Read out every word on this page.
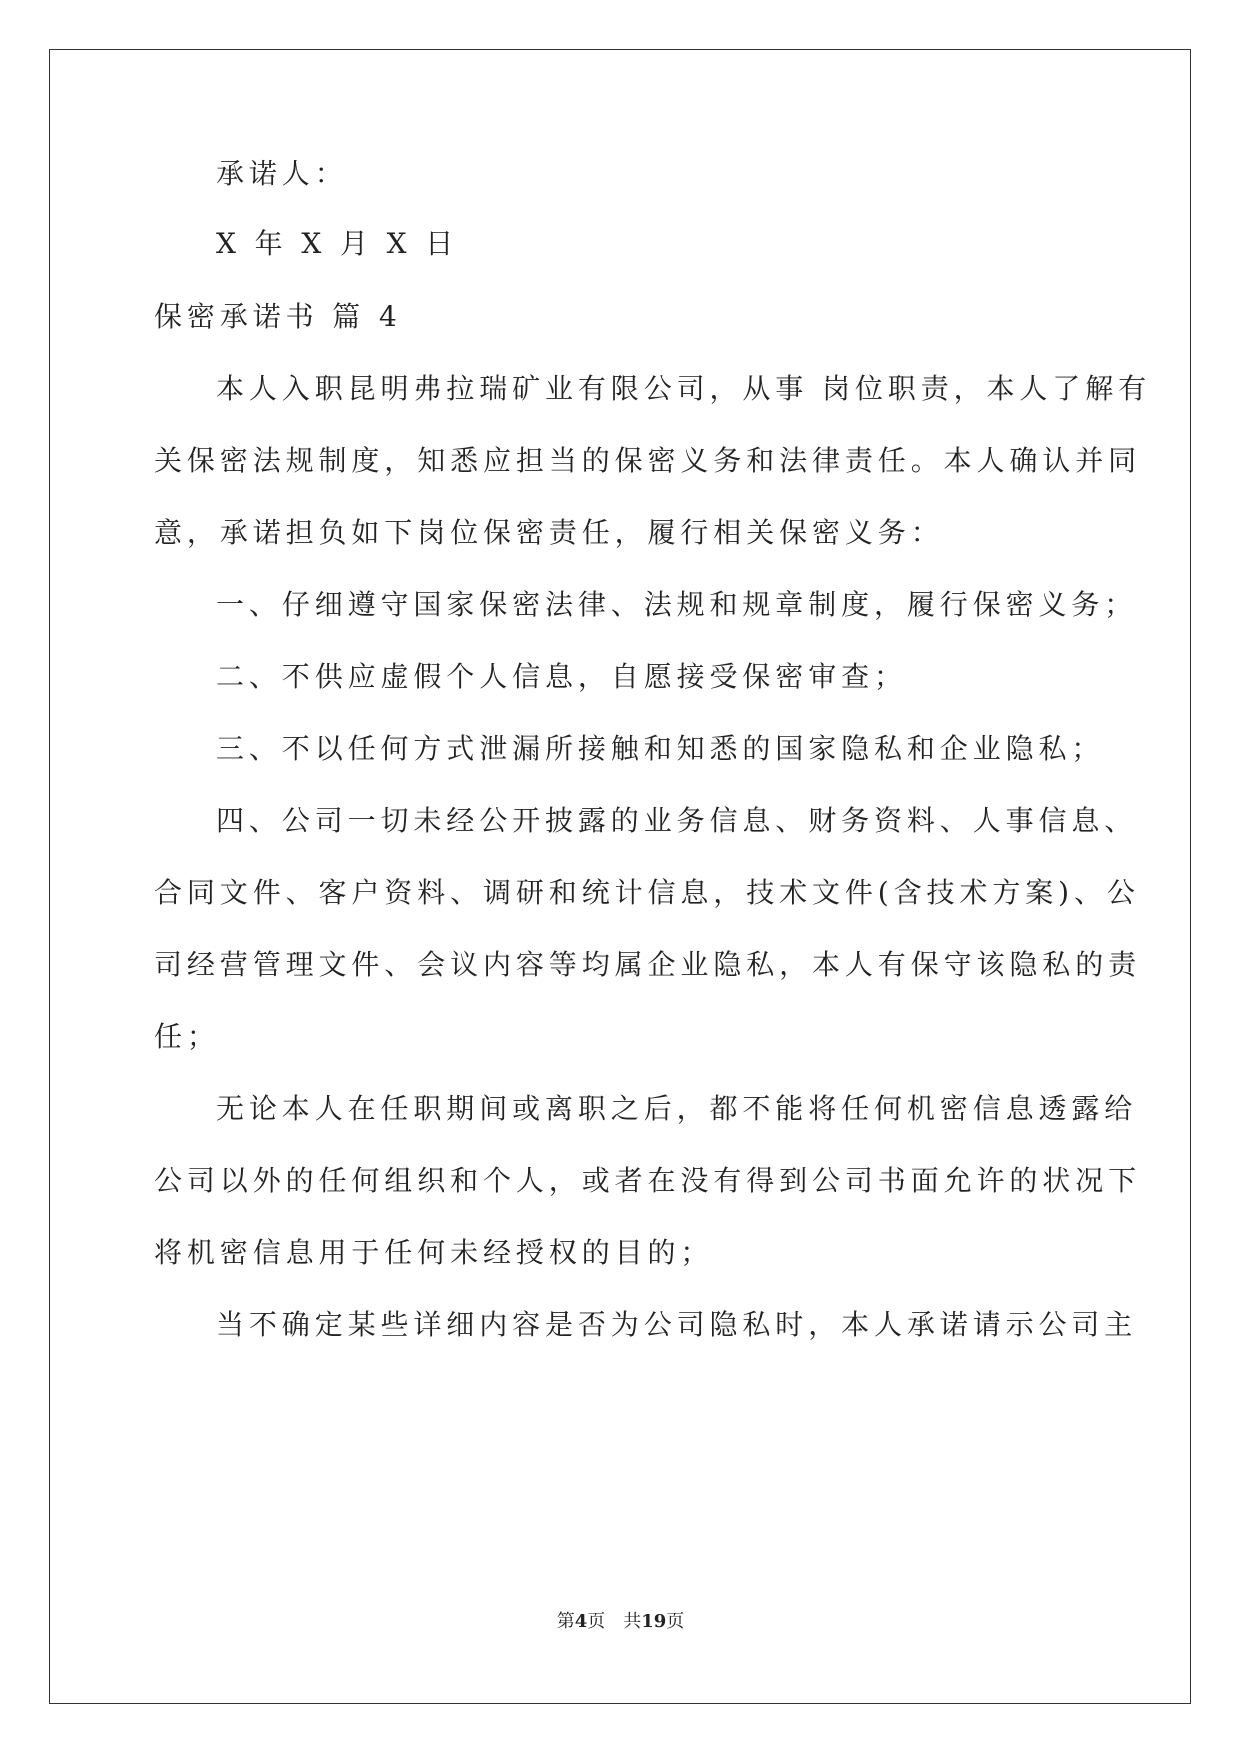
承诺人：

X 年 X 月 X 日

保密承诺书 篇 4

本人入职昆明弗拉瑞矿业有限公司，从事 岗位职责，本人了解有

关保密法规制度，知悉应担当的保密义务和法律责任。本人确认并同

意，承诺担负如下岗位保密责任，履行相关保密义务：

一、仔细遵守国家保密法律、法规和规章制度，履行保密义务；

二、不供应虚假个人信息，自愿接受保密审查；

三、不以任何方式泄漏所接触和知悉的国家隐私和企业隐私；

四、公司一切未经公开披露的业务信息、财务资料、人事信息、

合同文件、客户资料、调研和统计信息，技术文件(含技术方案)、公

司经营管理文件、会议内容等均属企业隐私，本人有保守该隐私的责

任；

无论本人在任职期间或离职之后，都不能将任何机密信息透露给

公司以外的任何组织和个人，或者在没有得到公司书面允许的状况下

将机密信息用于任何未经授权的目的；

当不确定某些详细内容是否为公司隐私时，本人承诺请示公司主

第4页 共19页
